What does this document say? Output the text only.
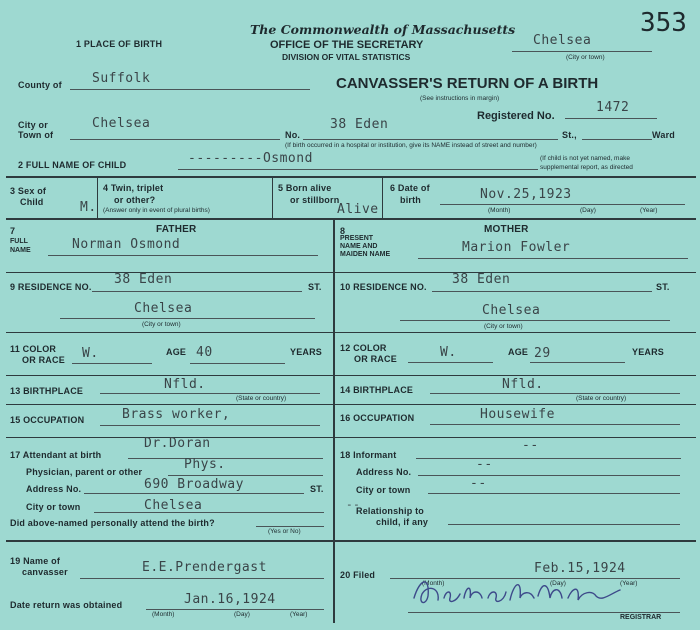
353
The Commonwealth of Massachusetts
OFFICE OF THE SECRETARY
DIVISION OF VITAL STATISTICS
1 PLACE OF BIRTH	Chelsea
(City or town)
County of Suffolk	CANVASSER'S RETURN OF A BIRTH
(See instructions in margin)
Registered No.
1472
City or
Town of
Chelsea
No.
38 Eden
St.,	Ward
(If birth occurred in a hospital or institution, give its NAME instead of street and number)
2 FULL NAME OF CHILD	---------Osmond	(If child is not yet named, make
supplemental report, as directed
3 Sex of
Child	M.
4 Twin, triplet
or other?
(Answer only in event of plural births)
5 Born alive
or stillborn
Alive
6 Date of
birth	Nov.25,1923
(Month)	(Day)	(Year)
7
FULL
NAME
FATHER
Norman Osmond
8
PRESENT
NAME AND
MAIDEN NAME
MOTHER
Marion Fowler
9 RESIDENCE NO. 38 Eden	ST.
Chelsea
(City or town)
10 RESIDENCE NO. 38 Eden	ST.
Chelsea
(City or town)
11 COLOR
OR RACE W.	AGE 40	YEARS 12 COLOR
OR RACE	W.	AGE 29	YEARS
13 BIRTHPLACE	Nfld.
(State or country)
14 BIRTHPLACE	Nfld.
(State or country)
15 OCCUPATION	Brass worker,	16 OCCUPATION	Housewife
17 Attendant at birth
Dr.Doran
Physician, parent or other	Phys.
Address No.	690 Broadway	ST.
City or town	Chelsea
Did above-named personally attend the birth?
(Yes or No)
18 Informant
--
Address No.	--
City or town	--
Relationship to
child, if any
--
19 Name of
canvasser	E.E.Prendergast
Date return was obtained	Jan.16,1924
(Month)	(Day)	(Year)
20 Filed	Feb.15,1924
(Month)	(Day)	(Year)
REGISTRAR
